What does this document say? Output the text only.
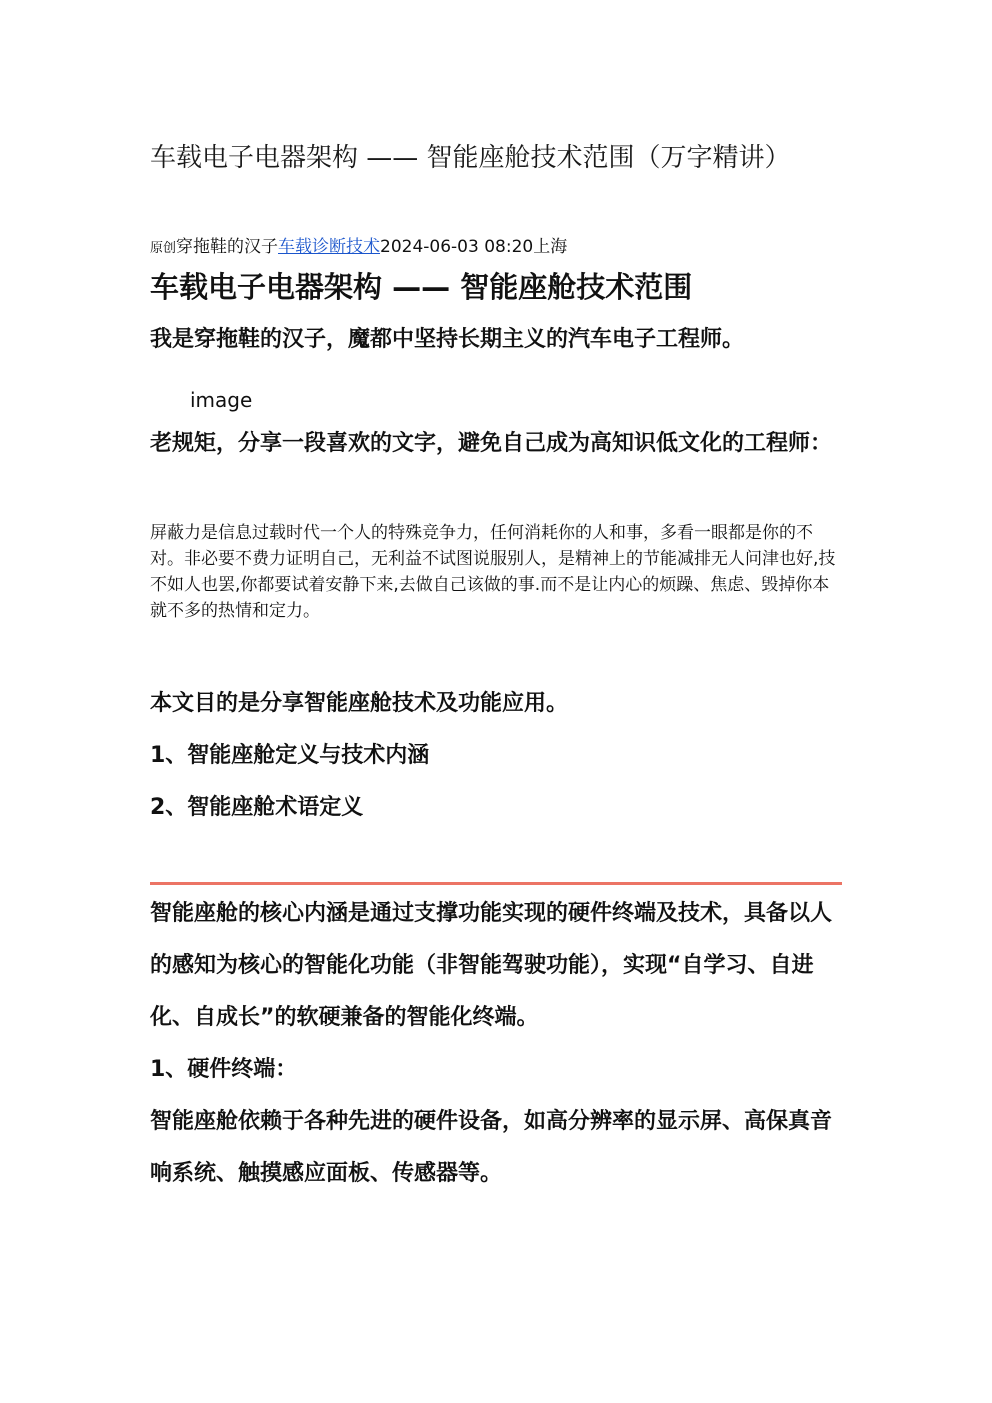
车载电子电器架构 —— 智能座舱技术范围（万字精讲）
原创穿拖鞋的汉子车载诊断技术2024-06-03 08:20上海
车载电子电器架构 —— 智能座舱技术范围

我是穿拖鞋的汉子，魔都中坚持长期主义的汽车电子工程师。

image

老规矩，分享一段喜欢的文字，避免自己成为高知识低文化的工程师：

屏蔽力是信息过载时代一个人的特殊竞争力，任何消耗你的人和事，多看一眼都是你的不对。非必要不费力证明自己，无利益不试图说服别人，是精神上的节能减排无人问津也好,技不如人也罢,你都要试着安静下来,去做自己该做的事.而不是让内心的烦躁、焦虑、毁掉你本就不多的热情和定力。

本文目的是分享智能座舱技术及功能应用。

1、智能座舱定义与技术内涵

2、智能座舱术语定义

智能座舱的核心内涵是通过支撑功能实现的硬件终端及技术，具备以人的感知为核心的智能化功能（非智能驾驶功能），实现“自学习、自进化、自成长”的软硬兼备的智能化终端。

1、硬件终端：

智能座舱依赖于各种先进的硬件设备，如高分辨率的显示屏、高保真音响系统、触摸感应面板、传感器等。
